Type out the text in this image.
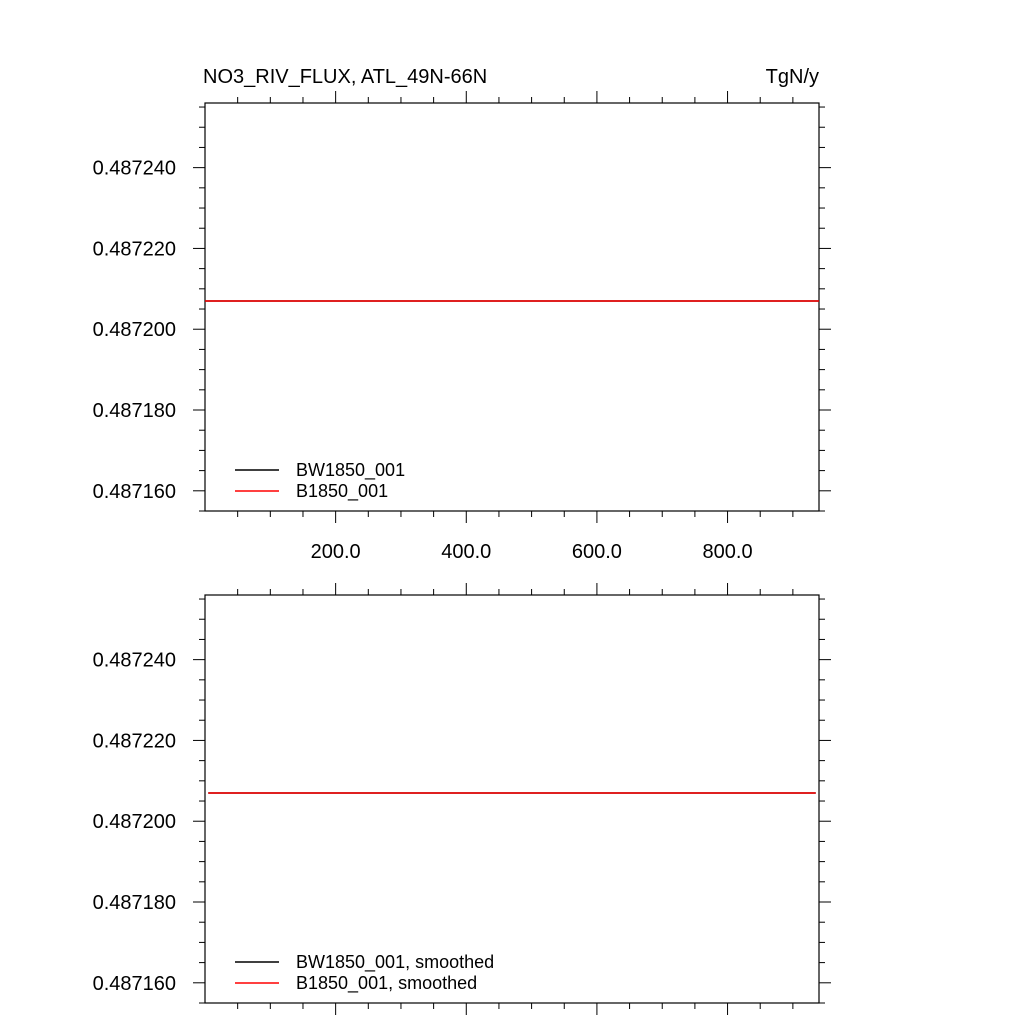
0.487160
0.487180
0.487200
0.487220
0.487240
200.0	400.0	600.0	800.0
NO3_RIV_FLUX, ATL_49N-66N	TgN/y
BW1850_001
B1850_001
0.487160
0.487180
0.487200
0.487220
0.487240
BW1850_001, smoothed
B1850_001, smoothed
